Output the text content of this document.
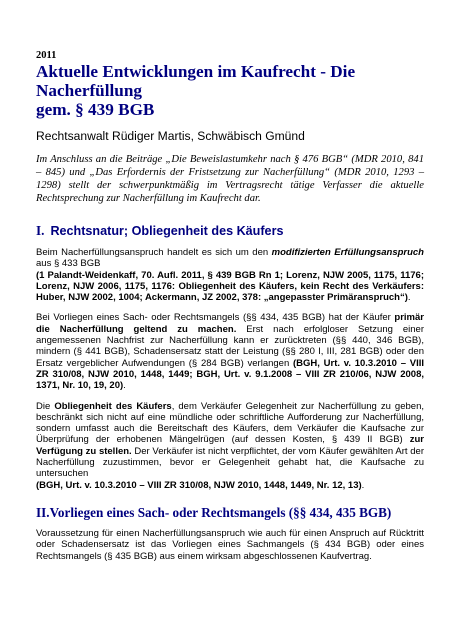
2011
Aktuelle Entwicklungen im Kaufrecht - Die Nacherfüllung
gem. § 439 BGB
Rechtsanwalt Rüdiger Martis, Schwäbisch Gmünd
Im Anschluss an die Beiträge „Die Beweislastumkehr nach § 476 BGB“ (MDR 2010, 841 – 845) und „Das Erfordernis der Fristsetzung zur Nacherfüllung“ (MDR 2010, 1293 – 1298) stellt der schwerpunktmäßig im Vertragsrecht tätige Verfasser die aktuelle Rechtsprechung zur Nacherfüllung im Kaufrecht dar.
I. Rechtsnatur; Obliegenheit des Käufers
Beim Nacherfüllungsanspruch handelt es sich um den modifizierten Erfüllungsanspruch aus § 433 BGB
(1 Palandt-Weidenkaff, 70. Aufl. 2011, § 439 BGB Rn 1; Lorenz, NJW 2005, 1175, 1176; Lorenz, NJW 2006, 1175, 1176: Obliegenheit des Käufers, kein Recht des Verkäufers: Huber, NJW 2002, 1004; Ackermann, JZ 2002, 378: „angepasster Primäranspruch“).
Bei Vorliegen eines Sach- oder Rechtsmangels (§§ 434, 435 BGB) hat der Käufer primär die Nacherfüllung geltend zu machen. Erst nach erfolgloser Setzung einer angemessenen Nachfrist zur Nacherfüllung kann er zurücktreten (§§ 440, 346 BGB), mindern (§ 441 BGB), Schadensersatz statt der Leistung (§§ 280 I, III, 281 BGB) oder den Ersatz vergeblicher Aufwendungen (§ 284 BGB) verlangen (BGH, Urt. v. 10.3.2010 – VIII ZR 310/08, NJW 2010, 1448, 1449; BGH, Urt. v. 9.1.2008 – VIII ZR 210/06, NJW 2008, 1371, Nr. 10, 19, 20).
Die Obliegenheit des Käufers, dem Verkäufer Gelegenheit zur Nacherfüllung zu geben, beschränkt sich nicht auf eine mündliche oder schriftliche Aufforderung zur Nacherfüllung, sondern umfasst auch die Bereitschaft des Käufers, dem Verkäufer die Kaufsache zur Überprüfung der erhobenen Mängelrügen (auf dessen Kosten, § 439 II BGB) zur Verfügung zu stellen. Der Verkäufer ist nicht verpflichtet, der vom Käufer gewählten Art der Nacherfüllung zuzustimmen, bevor er Gelegenheit gehabt hat, die Kaufsache zu untersuchen
(BGH, Urt. v. 10.3.2010 – VIII ZR 310/08, NJW 2010, 1448, 1449, Nr. 12, 13).
II.Vorliegen eines Sach- oder Rechtsmangels (§§ 434, 435 BGB)
Voraussetzung für einen Nacherfüllungsanspruch wie auch für einen Anspruch auf Rücktritt oder Schadensersatz ist das Vorliegen eines Sachmangels (§ 434 BGB) oder eines Rechtsmangels (§ 435 BGB) aus einem wirksam abgeschlossenen Kaufvertrag.
